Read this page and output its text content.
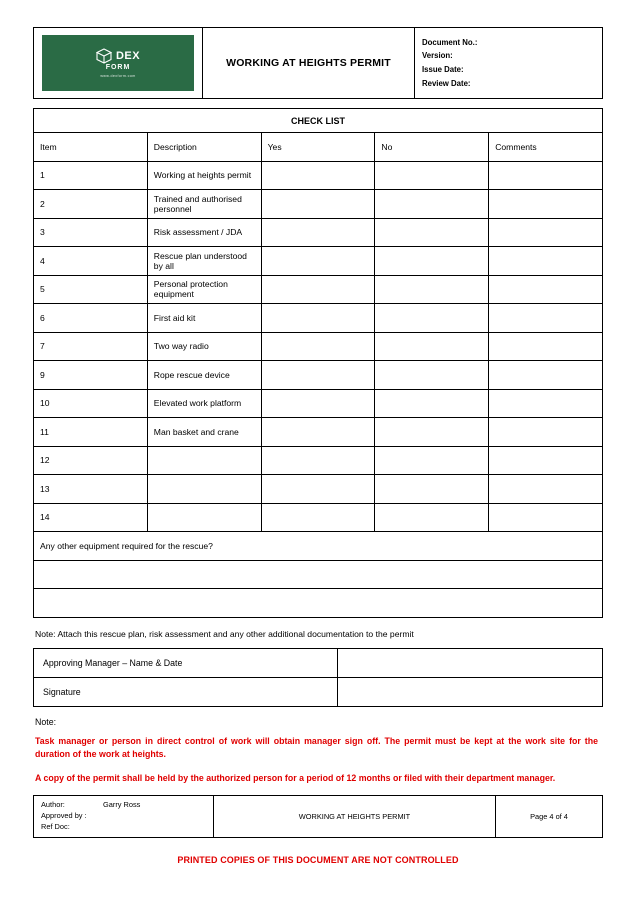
DEX
FORM
www.dexform.com
	WORKING AT HEIGHTS PERMIT	
Document No.:
Version:
Issue Date:
Review Date:
CHECK LIST				
Item	Description	Yes	No	Comments
1	Working at heights permit			
2	Trained and authorised personnel			
3	Risk assessment / JDA			
4	Rescue plan understood by all			
5	Personal protection equipment			
6	First aid kit			
7	Two way radio			
9	Rope rescue device			
10	Elevated work platform			
11	Man basket and crane			
12				
13				
14				
Any other equipment required for the rescue?				

Note: Attach this rescue plan, risk assessment and any other additional documentation to the permit
Approving Manager – Name & Date	
Signature	
Note:
Task manager or person in direct control of work will obtain manager sign off. The permit must be kept at the work site for the duration of the work at heights.
A copy of the permit shall be held by the authorized person for a period of 12 months or filed with their department manager.
Author:	Garry Ross
Approved by :
Ref Doc:
	WORKING AT HEIGHTS PERMIT	Page 4 of 4
PRINTED COPIES OF THIS DOCUMENT ARE NOT CONTROLLED
